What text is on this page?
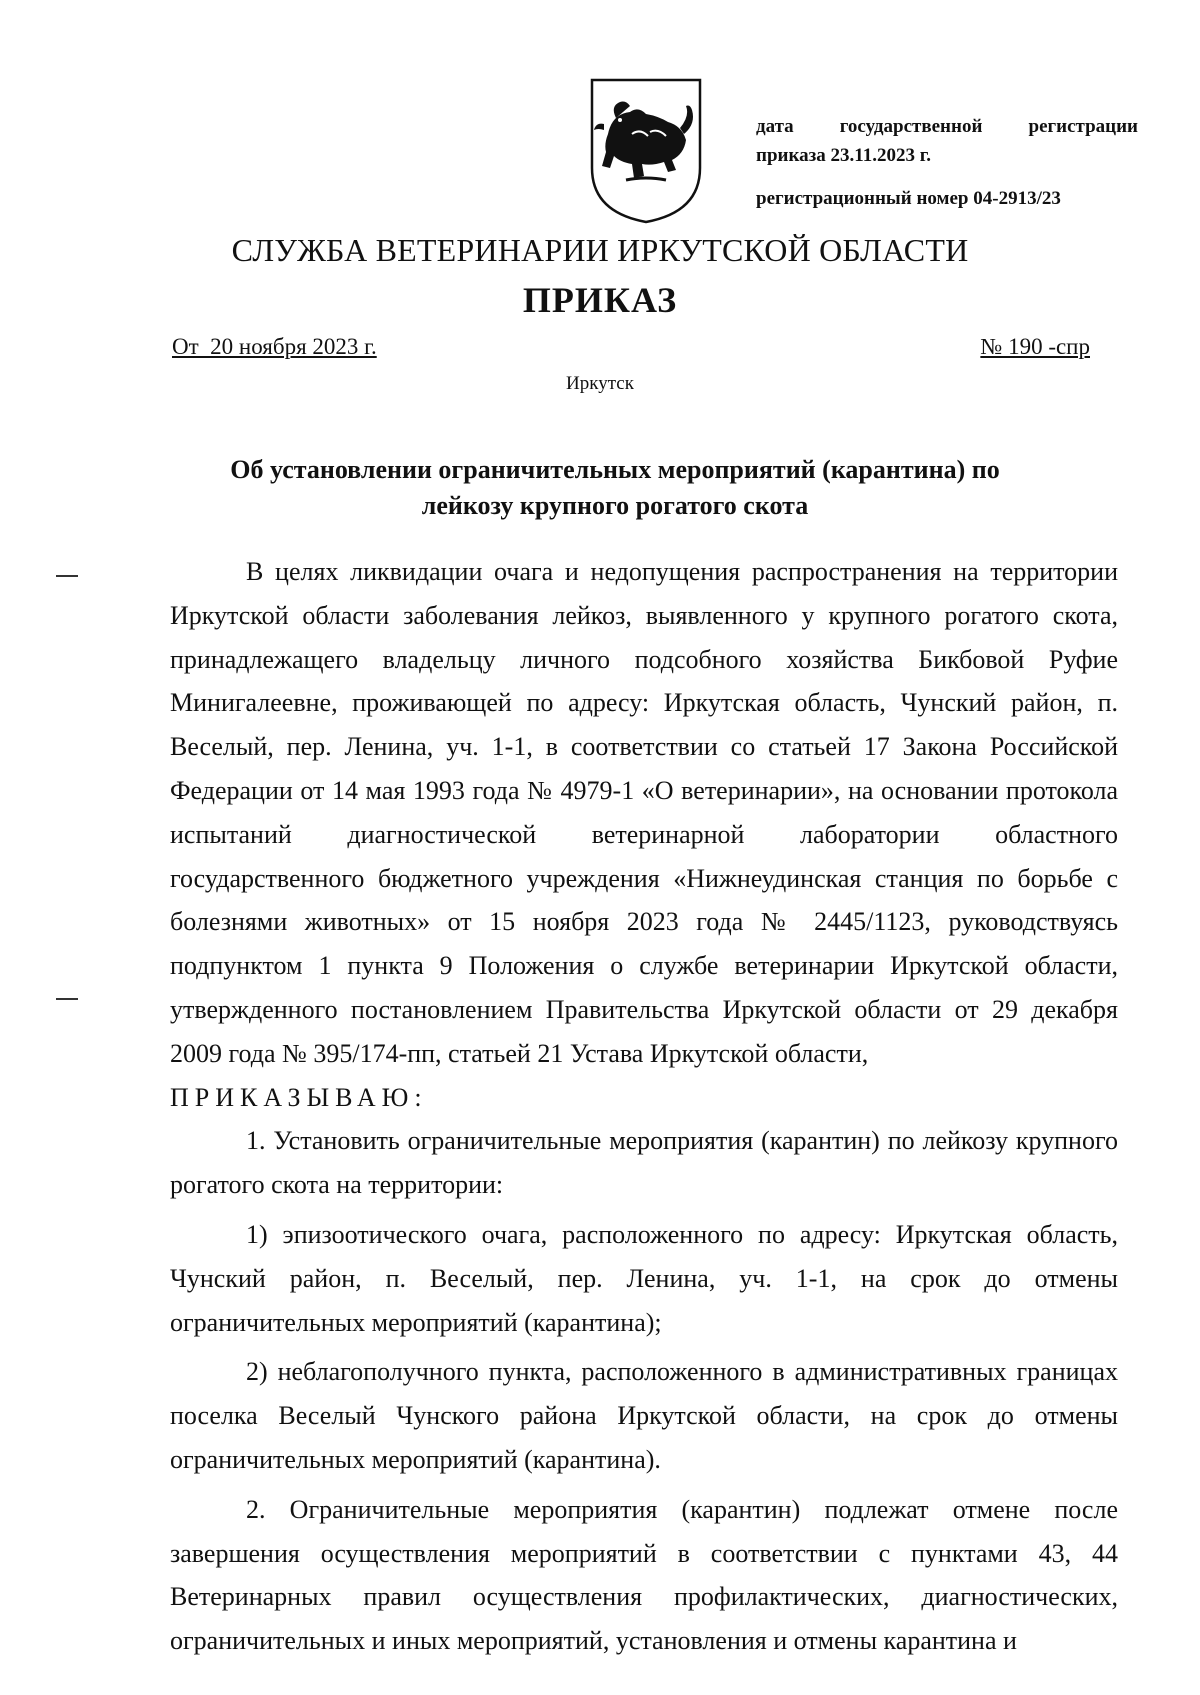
дата государственной регистрации
приказа 23.11.2023 г.
регистрационный номер 04-2913/23
СЛУЖБА ВЕТЕРИНАРИИ ИРКУТСКОЙ ОБЛАСТИ
ПРИКАЗ
От  20 ноября 2023 г.	№ 190 -спр
Иркутск
Об установлении ограничительных мероприятий (карантина) по лейкозу крупного рогатого скота

В целях ликвидации очага и недопущения распространения на территории Иркутской области заболевания лейкоз, выявленного у крупного рогатого скота, принадлежащего владельцу личного подсобного хозяйства Бикбовой Руфие Минигалеевне, проживающей по адресу: Иркутская область, Чунский район, п. Веселый, пер. Ленина, уч. 1-1, в соответствии со статьей 17 Закона Российской Федерации от 14 мая 1993 года № 4979-1 «О ветеринарии», на основании протокола испытаний диагностической ветеринарной лаборатории областного государственного бюджетного учреждения «Нижнеудинская станция по борьбе с болезнями животных» от 15 ноября 2023 года № 2445/1123, руководствуясь подпунктом 1 пункта 9 Положения о службе ветеринарии Иркутской области, утвержденного постановлением Правительства Иркутской области от 29 декабря 2009 года № 395/174-пп, статьей 21 Устава Иркутской области,

ПРИКАЗЫВАЮ:

1. Установить ограничительные мероприятия (карантин) по лейкозу крупного рогатого скота на территории:

1) эпизоотического очага, расположенного по адресу: Иркутская область, Чунский район, п. Веселый, пер. Ленина, уч. 1-1, на срок до отмены ограничительных мероприятий (карантина);

2) неблагополучного пункта, расположенного в административных границах поселка Веселый Чунского района Иркутской области, на срок до отмены ограничительных мероприятий (карантина).

2. Ограничительные мероприятия (карантин) подлежат отмене после завершения осуществления мероприятий в соответствии с пунктами 43, 44 Ветеринарных правил осуществления профилактических, диагностических, ограничительных и иных мероприятий, установления и отмены карантина и
